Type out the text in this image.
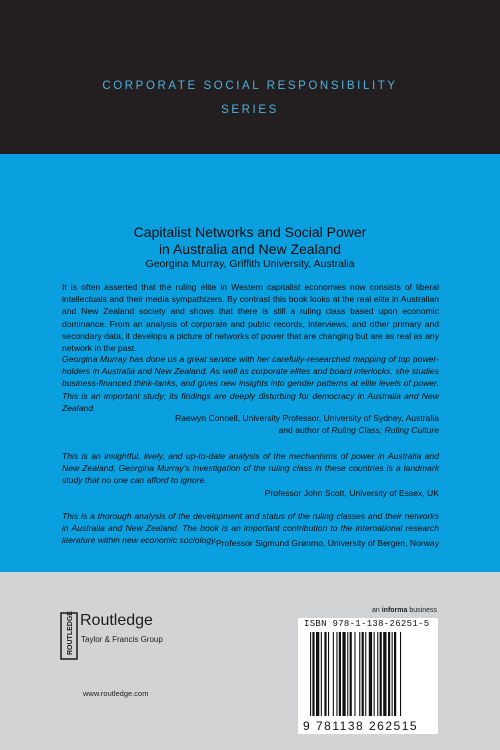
CORPORATE SOCIAL RESPONSIBILITY
SERIES
Capitalist Networks and Social Power
in Australia and New Zealand
Georgina Murray, Griffith University, Australia
It is often asserted that the ruling elite in Western capitalist economies now consists of liberal intellectuals and their media sympathizers. By contrast this book looks at the real elite in Australian and New Zealand society and shows that there is still a ruling class based upon economic dominance. From an analysis of corporate and public records, interviews, and other primary and secondary data, it develops a picture of networks of power that are changing but are as real as any network in the past.
Georgina Murray has done us a great service with her carefully-researched mapping of top power-holders in Australia and New Zealand. As well as corporate elites and board interlocks, she studies business-financed think-tanks, and gives new insights into gender patterns at elite levels of power. This is an important study; its findings are deeply disturbing for democracy in Australia and New Zealand.
Raewyn Connell, University Professor, University of Sydney, Australia
and author of Ruling Class; Ruling Culture
This is an insightful, lively, and up-to-date analysis of the mechanisms of power in Australia and New Zealand. Georgina Murray's investigation of the ruling class in these countries is a landmark study that no one can afford to ignore.
Professor John Scott, University of Essex, UK
This is a thorough analysis of the development and status of the ruling classes and their networks in Australia and New Zealand. The book is an important contribution to the international research literature within new economic sociology.
Professor Sigmund Grønmo, University of Bergen, Norway
an informa business
ROUTLEDGE Routledge
Taylor & Francis Group
www.routledge.com
ISBN 978-1-138-26251-5
9 781138 262515
